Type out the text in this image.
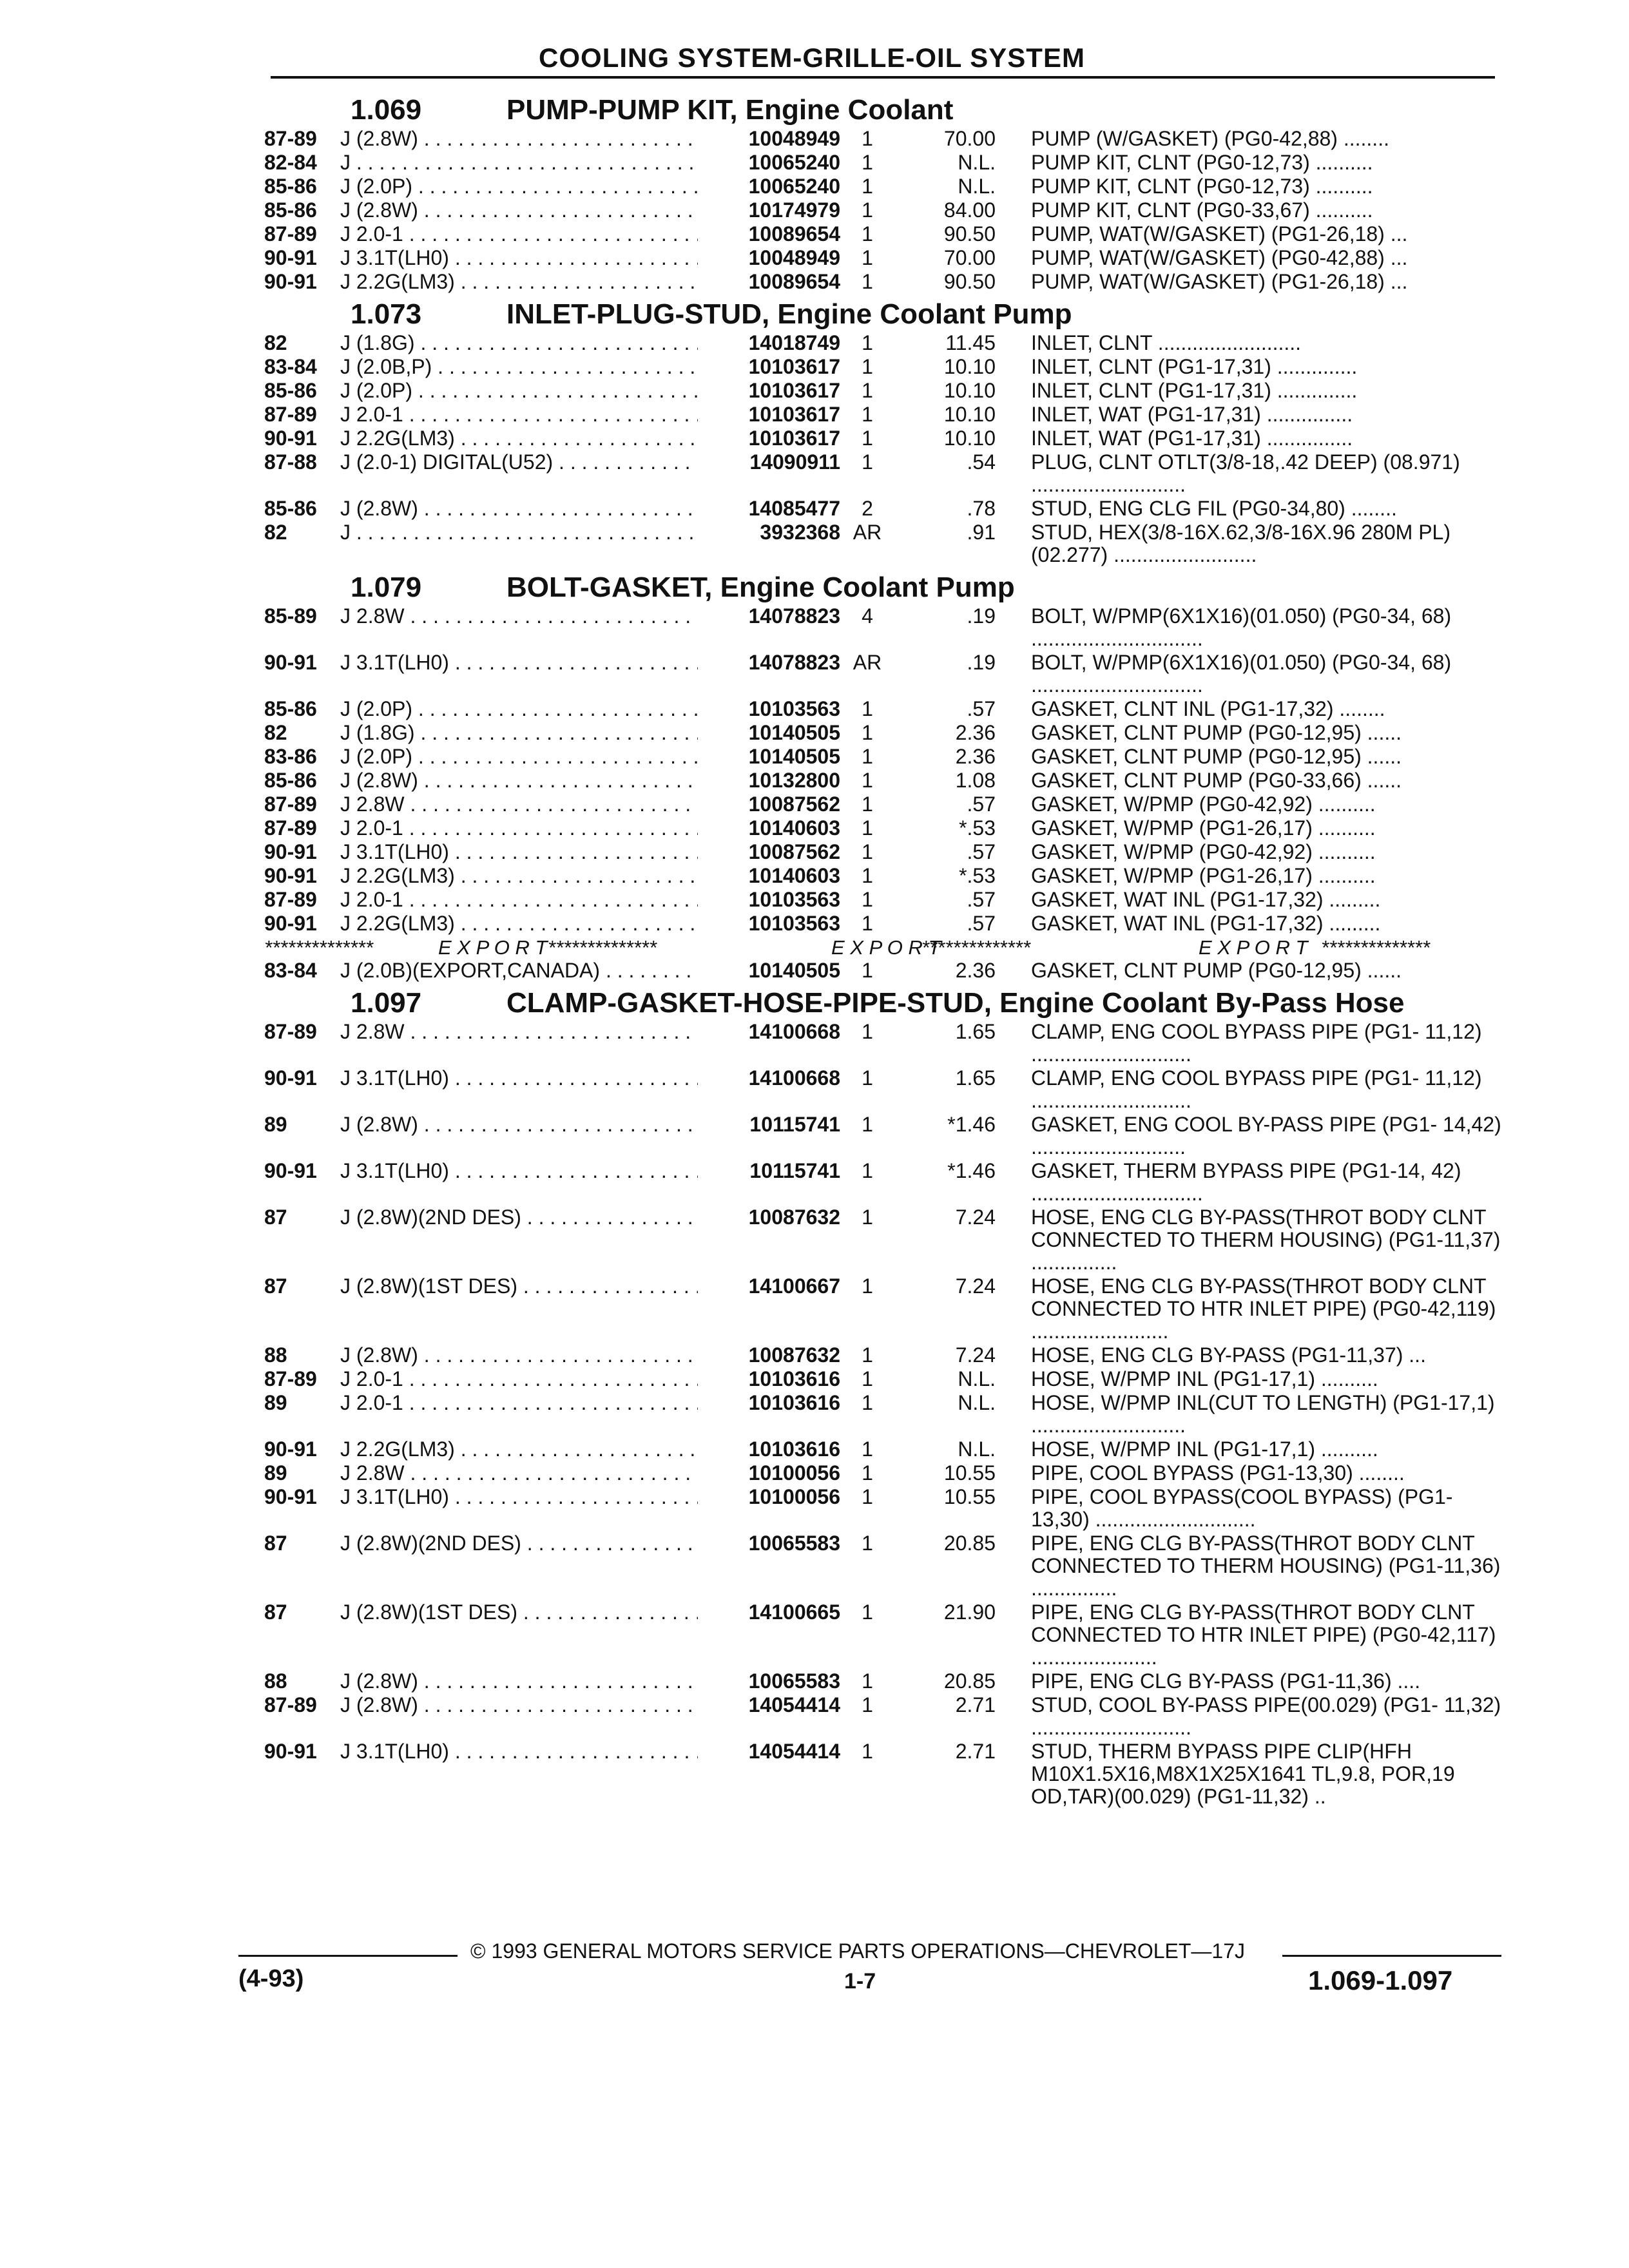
COOLING SYSTEM-GRILLE-OIL SYSTEM
1.069	PUMP-PUMP KIT, Engine Coolant
87-89 J (2.8W) . . .	10048949	1	70.00 PUMP (W/GASKET) (PG0-42,88) ........
82-84 J . . .	10065240	1	N.L. PUMP KIT, CLNT (PG0-12,73) ..........
85-86 J (2.0P) . . .	10065240	1	N.L. PUMP KIT, CLNT (PG0-12,73) ..........
85-86 J (2.8W) . . .	10174979	1	84.00 PUMP KIT, CLNT (PG0-33,67) ..........
87-89 J 2.0-1 . . .	10089654	1	90.50 PUMP, WAT(W/GASKET) (PG1-26,18) ...
90-91 J 3.1T(LH0) . . .	10048949	1	70.00 PUMP, WAT(W/GASKET) (PG0-42,88) ...
90-91 J 2.2G(LM3) . . .	10089654	1	90.50 PUMP, WAT(W/GASKET) (PG1-26,18) ...
1.073	INLET-PLUG-STUD, Engine Coolant Pump
82	J (1.8G) . . .	14018749	1	11.45 INLET, CLNT .........................
83-84 J (2.0B,P) . . .	10103617	1	10.10 INLET, CLNT (PG1-17,31) ..............
85-86 J (2.0P) . . .	10103617	1	10.10 INLET, CLNT (PG1-17,31) ..............
87-89 J 2.0-1 . . .	10103617	1	10.10 INLET, WAT (PG1-17,31) ...............
90-91 J 2.2G(LM3) . . .	10103617	1	10.10 INLET, WAT (PG1-17,31) ...............
87-88 J (2.0-1) DIGITAL(U52) . . .	14090911	1	.54 PLUG, CLNT OTLT(3/8-18,.42 DEEP) (08.971) ...........................
85-86 J (2.8W) . . .	14085477	2	.78 STUD, ENG CLG FIL (PG0-34,80) ........
82	J . . .	3932368 AR	.91 STUD, HEX(3/8-16X.62,3/8-16X.96 280M PL)(02.277) .........................
1.079	BOLT-GASKET, Engine Coolant Pump
85-89 J 2.8W . . .	14078823	4	.19 BOLT, W/PMP(6X1X16)(01.050) (PG0-34, 68) ..............................
90-91 J 3.1T(LH0) . . .	14078823 AR	.19 BOLT, W/PMP(6X1X16)(01.050) (PG0-34, 68) ..............................
85-86 J (2.0P) . . .	10103563	1	.57 GASKET, CLNT INL (PG1-17,32) ........
82	J (1.8G) . . .	10140505	1	2.36 GASKET, CLNT PUMP (PG0-12,95) ......
83-86 J (2.0P) . . .	10140505	1	2.36 GASKET, CLNT PUMP (PG0-12,95) ......
85-86 J (2.8W) . . .	10132800	1	1.08 GASKET, CLNT PUMP (PG0-33,66) ......
87-89 J 2.8W . . .	10087562	1	.57 GASKET, W/PMP (PG0-42,92) ..........
87-89 J 2.0-1 . . .	10140603	1	*.53 GASKET, W/PMP (PG1-26,17) ..........
90-91 J 3.1T(LH0) . . .	10087562	1	.57 GASKET, W/PMP (PG0-42,92) ..........
90-91 J 2.2G(LM3) . . .	10140603	1	*.53 GASKET, W/PMP (PG1-26,17) ..........
87-89 J 2.0-1 . . .	10103563	1	.57 GASKET, WAT INL (PG1-17,32) .........
90-91 J 2.2G(LM3) . . .	10103563	1	.57 GASKET, WAT INL (PG1-17,32) .........
**************	E X P O R T	E X P O R T	E X P O R T
**************	**************	**************
83-84 J (2.0B)(EXPORT,CANADA) . . .	10140505	1	2.36 GASKET, CLNT PUMP (PG0-12,95) ......
1.097	CLAMP-GASKET-HOSE-PIPE-STUD, Engine Coolant By-Pass Hose
87-89 J 2.8W . . .	14100668	1	1.65 CLAMP, ENG COOL BYPASS PIPE (PG1- 11,12) ............................
90-91 J 3.1T(LH0) . . .	14100668	1	1.65 CLAMP, ENG COOL BYPASS PIPE (PG1- 11,12) ............................
89	J (2.8W) . . .	10115741	1	*1.46 GASKET, ENG COOL BY-PASS PIPE (PG1- 14,42) ...........................
90-91 J 3.1T(LH0) . . .	10115741	1	*1.46 GASKET, THERM BYPASS PIPE (PG1-14, 42) ..............................
87	J (2.8W)(2ND DES) . . .	10087632	1	7.24 HOSE, ENG CLG BY-PASS(THROT BODY CLNT CONNECTED TO THERM HOUSING) (PG1-11,37) ...............
87	J (2.8W)(1ST DES) . . .	14100667	1	7.24 HOSE, ENG CLG BY-PASS(THROT BODY CLNT CONNECTED TO HTR INLET PIPE) (PG0-42,119) ........................
88	J (2.8W) . . .	10087632	1	7.24 HOSE, ENG CLG BY-PASS (PG1-11,37) ...
87-89 J 2.0-1 . . .	10103616	1	N.L. HOSE, W/PMP INL (PG1-17,1) ..........
89	J 2.0-1 . . .	10103616	1	N.L. HOSE, W/PMP INL(CUT TO LENGTH) (PG1-17,1) ...........................
90-91 J 2.2G(LM3) . . .	10103616	1	N.L. HOSE, W/PMP INL (PG1-17,1) ..........
89	J 2.8W . . .	10100056	1	10.55 PIPE, COOL BYPASS (PG1-13,30) ........
90-91 J 3.1T(LH0) . . .	10100056	1	10.55 PIPE, COOL BYPASS(COOL BYPASS) (PG1- 13,30) ............................
87	J (2.8W)(2ND DES) . . .	10065583	1	20.85 PIPE, ENG CLG BY-PASS(THROT BODY CLNT CONNECTED TO THERM HOUSING) (PG1-11,36) ...............
87	J (2.8W)(1ST DES) . . .	14100665	1	21.90 PIPE, ENG CLG BY-PASS(THROT BODY CLNT CONNECTED TO HTR INLET PIPE) (PG0-42,117) ......................
88	J (2.8W) . . .	10065583	1	20.85 PIPE, ENG CLG BY-PASS (PG1-11,36) ....
87-89 J (2.8W) . . .	14054414	1	2.71 STUD, COOL BY-PASS PIPE(00.029) (PG1- 11,32) ............................
90-91 J 3.1T(LH0) . . .	14054414	1	2.71 STUD, THERM BYPASS PIPE CLIP(HFH M10X1.5X16,M8X1X25X1641 TL,9.8, POR,19 OD,TAR)(00.029) (PG1-11,32) ..
© 1993 GENERAL MOTORS SERVICE PARTS OPERATIONS—CHEVROLET—17J
(4-93)	1-7	1.069-1.097
